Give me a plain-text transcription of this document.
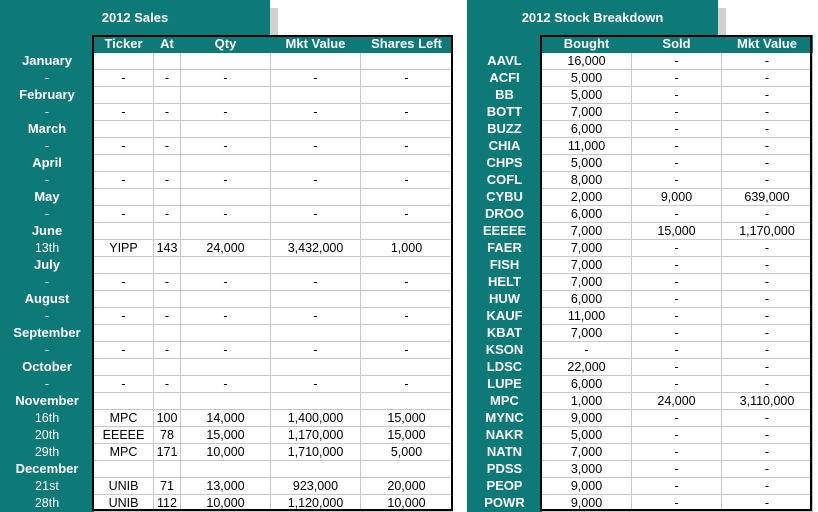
2012 Sales
	Ticker	At	Qty	Mkt Value	Shares Left
January					
-	-	-	-	-	-
February					
-	-	-	-	-	-
March					
-	-	-	-	-	-
April					
-	-	-	-	-	-
May					
-	-	-	-	-	-
June					
13th	YIPP	143	24,000	3,432,000	1,000
July					
-	-	-	-	-	-
August					
-	-	-	-	-	-
September					
-	-	-	-	-	-
October					
-	-	-	-	-	-
November					
16th	MPC	100	14,000	1,400,000	15,000
20th	EEEEE	78	15,000	1,170,000	15,000
29th	MPC	171	10,000	1,710,000	5,000
December					
21st	UNIB	71	13,000	923,000	20,000
28th	UNIB	112	10,000	1,120,000	10,000
2012 Stock Breakdown
	Bought	Sold	Mkt Value
AAVL	16,000	-	-
ACFI	5,000	-	-
BB	5,000	-	-
BOTT	7,000	-	-
BUZZ	6,000	-	-
CHIA	11,000	-	-
CHPS	5,000	-	-
COFL	8,000	-	-
CYBU	2,000	9,000	639,000
DROO	6,000	-	-
EEEEE	7,000	15,000	1,170,000
FAER	7,000	-	-
FISH	7,000	-	-
HELT	7,000	-	-
HUW	6,000	-	-
KAUF	11,000	-	-
KBAT	7,000	-	-
KSON	-	-	-
LDSC	22,000	-	-
LUPE	6,000	-	-
MPC	1,000	24,000	3,110,000
MYNC	9,000	-	-
NAKR	5,000	-	-
NATN	7,000	-	-
PDSS	3,000	-	-
PEOP	9,000	-	-
POWR	9,000	-	-
